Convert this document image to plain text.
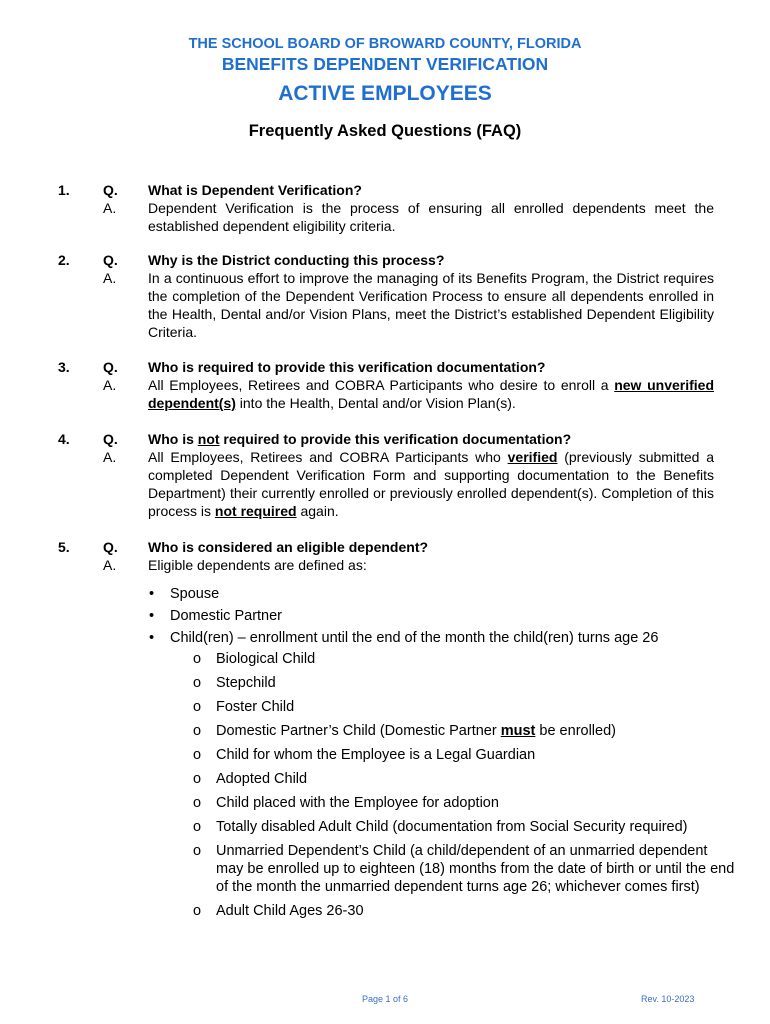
THE SCHOOL BOARD OF BROWARD COUNTY, FLORIDA
BENEFITS DEPENDENT VERIFICATION
ACTIVE EMPLOYEES
Frequently Asked Questions (FAQ)
1. Q.
A.
What is Dependent Verification?
Dependent Verification is the process of ensuring all enrolled dependents meet the established dependent eligibility criteria.
2. Q.
A.
Why is the District conducting this process?
In a continuous effort to improve the managing of its Benefits Program, the District requires the completion of the Dependent Verification Process to ensure all dependents enrolled in the Health, Dental and/or Vision Plans, meet the District’s established Dependent Eligibility Criteria.
3. Q.
A.
Who is required to provide this verification documentation?
All Employees, Retirees and COBRA Participants who desire to enroll a new unverified dependent(s) into the Health, Dental and/or Vision Plan(s).
4. Q.
A.
Who is not required to provide this verification documentation?
All Employees, Retirees and COBRA Participants who verified (previously submitted a completed Dependent Verification Form and supporting documentation to the Benefits Department) their currently enrolled or previously enrolled dependent(s). Completion of this process is not required again.
5. Q.
A.
Who is considered an eligible dependent?
Eligible dependents are defined as:
• Spouse
• Domestic Partner
• Child(ren) – enrollment until the end of the month the child(ren) turns age 26
o Biological Child
o Stepchild
o Foster Child
o Domestic Partner’s Child (Domestic Partner must be enrolled)
o Child for whom the Employee is a Legal Guardian
o Adopted Child
o Child placed with the Employee for adoption
o Totally disabled Adult Child (documentation from Social Security required)
o Unmarried Dependent’s Child (a child/dependent of an unmarried dependent may be enrolled up to eighteen (18) months from the date of birth or until the end of the month the unmarried dependent turns age 26; whichever comes first)
o Adult Child Ages 26-30
Page 1 of 6	Rev. 10-2023
